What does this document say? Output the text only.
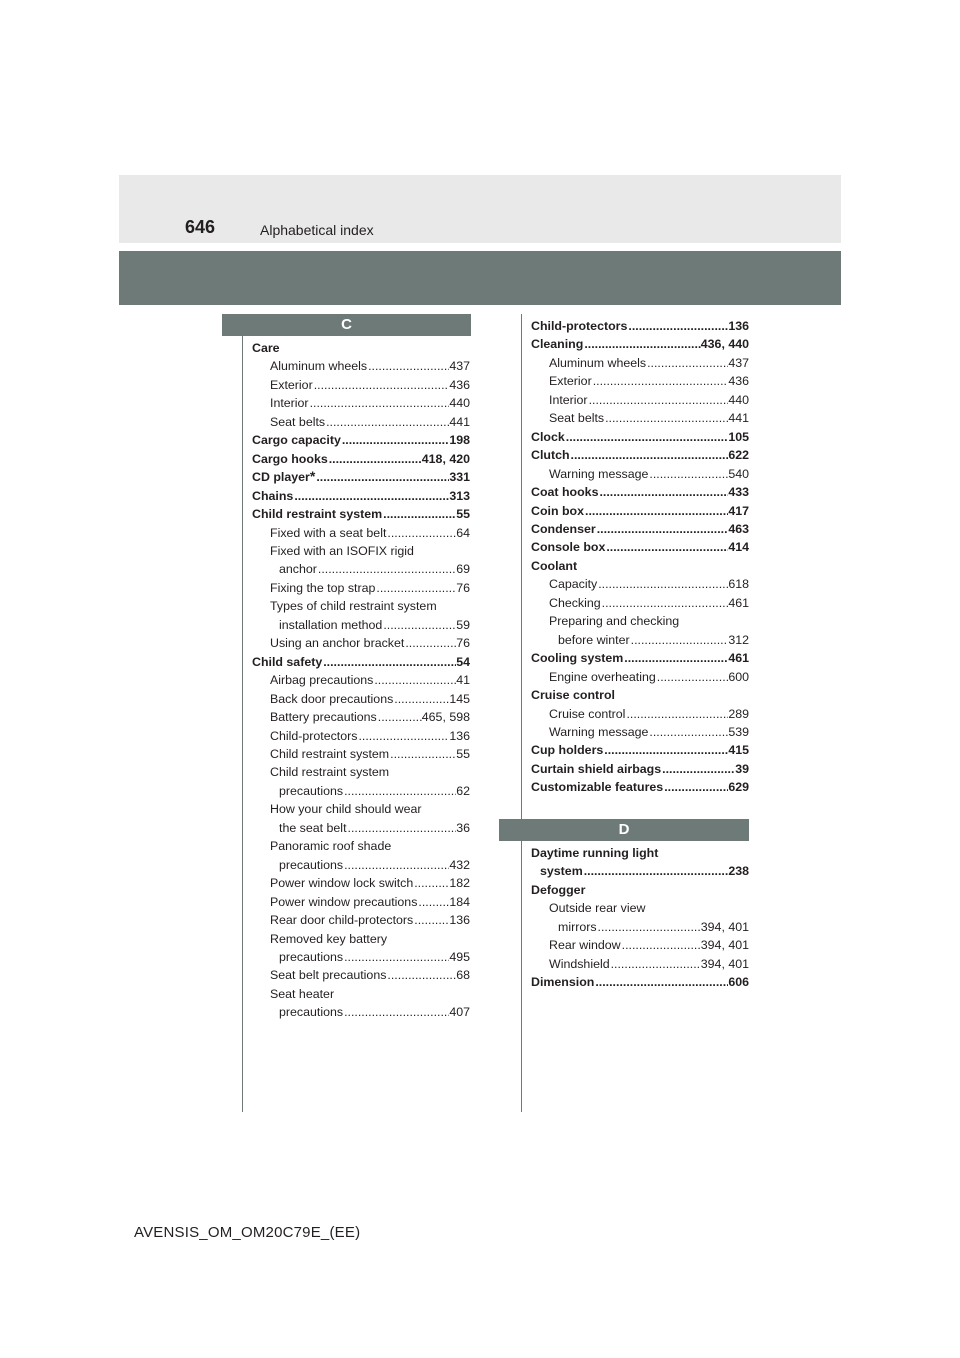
646	Alphabetical index
C
D
Care
Aluminum wheels .....	437
Exterior .....	436
Interior .....	440
Seat belts .....	441
Cargo capacity .....	198
Cargo hooks .....	418, 420
CD player * .....	331
Chains .....	313
Child restraint system .....	55
Fixed with a seat belt .....	64
Fixed with an ISOFIX rigid
anchor .....	69
Fixing the top strap .....	76
Types of child restraint system
installation method .....	59
Using an anchor bracket .....	76
Child safety .....	54
Airbag precautions .....	41
Back door precautions .....	145
Battery precautions .....	465, 598
Child-protectors .....	136
Child restraint system .....	55
Child restraint system
precautions .....	62
How your child should wear
the seat belt .....	36
Panoramic roof shade
precautions .....	432
Power window lock switch .....	182
Power window precautions .....	184
Rear door child-protectors .....	136
Removed key battery
precautions .....	495
Seat belt precautions .....	68
Seat heater
precautions .....	407
Child-protectors .....	136
Cleaning .....	436, 440
Aluminum wheels .....	437
Exterior .....	436
Interior .....	440
Seat belts .....	441
Clock .....	105
Clutch .....	622
Warning message .....	540
Coat hooks .....	433
Coin box .....	417
Condenser .....	463
Console box .....	414
Coolant
Capacity .....	618
Checking .....	461
Preparing and checking
before winter .....	312
Cooling system .....	461
Engine overheating .....	600
Cruise control
Cruise control .....	289
Warning message .....	539
Cup holders .....	415
Curtain shield airbags .....	39
Customizable features .....	629
Daytime running light
system .....	238
Defogger
Outside rear view
mirrors .....	394, 401
Rear window .....	394, 401
Windshield .....	394, 401
Dimension .....	606
AVENSIS_OM_OM20C79E_(EE)
